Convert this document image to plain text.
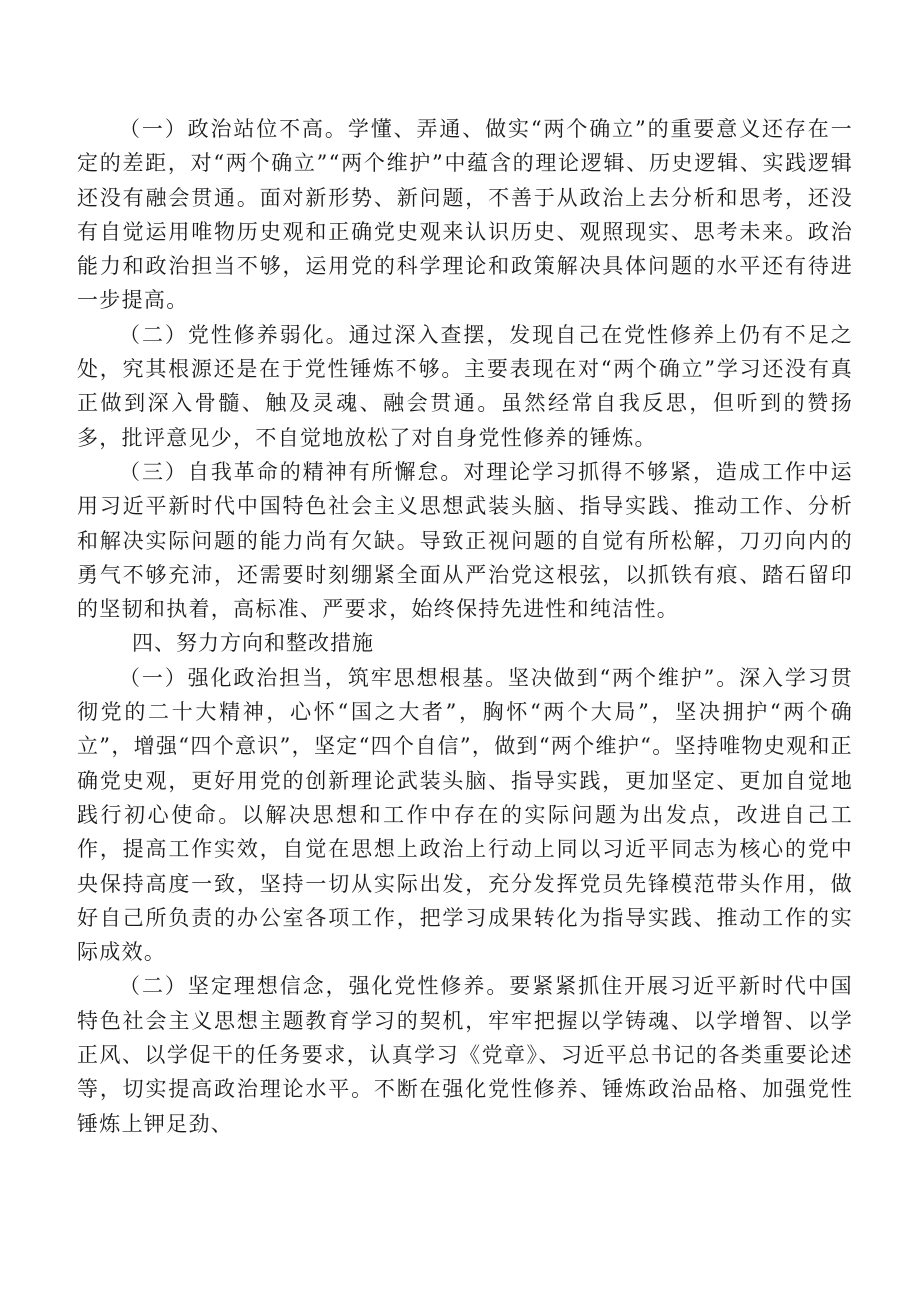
（一）政治站位不高。学懂、弄通、做实“两个确立”的重要意义还存在一定的差距，对“两个确立”“两个维护”中蕴含的理论逻辑、历史逻辑、实践逻辑还没有融会贯通。面对新形势、新问题，不善于从政治上去分析和思考，还没有自觉运用唯物历史观和正确党史观来认识历史、观照现实、思考未来。政治能力和政治担当不够，运用党的科学理论和政策解决具体问题的水平还有待进一步提高。

（二）党性修养弱化。通过深入查摆，发现自己在党性修养上仍有不足之处，究其根源还是在于党性锤炼不够。主要表现在对“两个确立”学习还没有真正做到深入骨髓、触及灵魂、融会贯通。虽然经常自我反思，但听到的赞扬多，批评意见少，不自觉地放松了对自身党性修养的锤炼。

（三）自我革命的精神有所懈怠。对理论学习抓得不够紧，造成工作中运用习近平新时代中国特色社会主义思想武装头脑、指导实践、推动工作、分析和解决实际问题的能力尚有欠缺。导致正视问题的自觉有所松解，刀刃向内的勇气不够充沛，还需要时刻绷紧全面从严治党这根弦，以抓铁有痕、踏石留印的坚韧和执着，高标准、严要求，始终保持先进性和纯洁性。

四、努力方向和整改措施

（一）强化政治担当，筑牢思想根基。坚决做到“两个维护”。深入学习贯彻党的二十大精神，心怀“国之大者”，胸怀“两个大局”，坚决拥护“两个确立”，增强“四个意识”，坚定“四个自信”，做到“两个维护“。坚持唯物史观和正确党史观，更好用党的创新理论武装头脑、指导实践，更加坚定、更加自觉地践行初心使命。以解决思想和工作中存在的实际问题为出发点，改进自己工作，提高工作实效，自觉在思想上政治上行动上同以习近平同志为核心的党中央保持高度一致，坚持一切从实际出发，充分发挥党员先锋模范带头作用，做好自己所负责的办公室各项工作，把学习成果转化为指导实践、推动工作的实际成效。

（二）坚定理想信念，强化党性修养。要紧紧抓住开展习近平新时代中国特色社会主义思想主题教育学习的契机，牢牢把握以学铸魂、以学增智、以学正风、以学促干的任务要求，认真学习《党章》、习近平总书记的各类重要论述等，切实提高政治理论水平。不断在强化党性修养、锤炼政治品格、加强党性锤炼上钾足劲、
